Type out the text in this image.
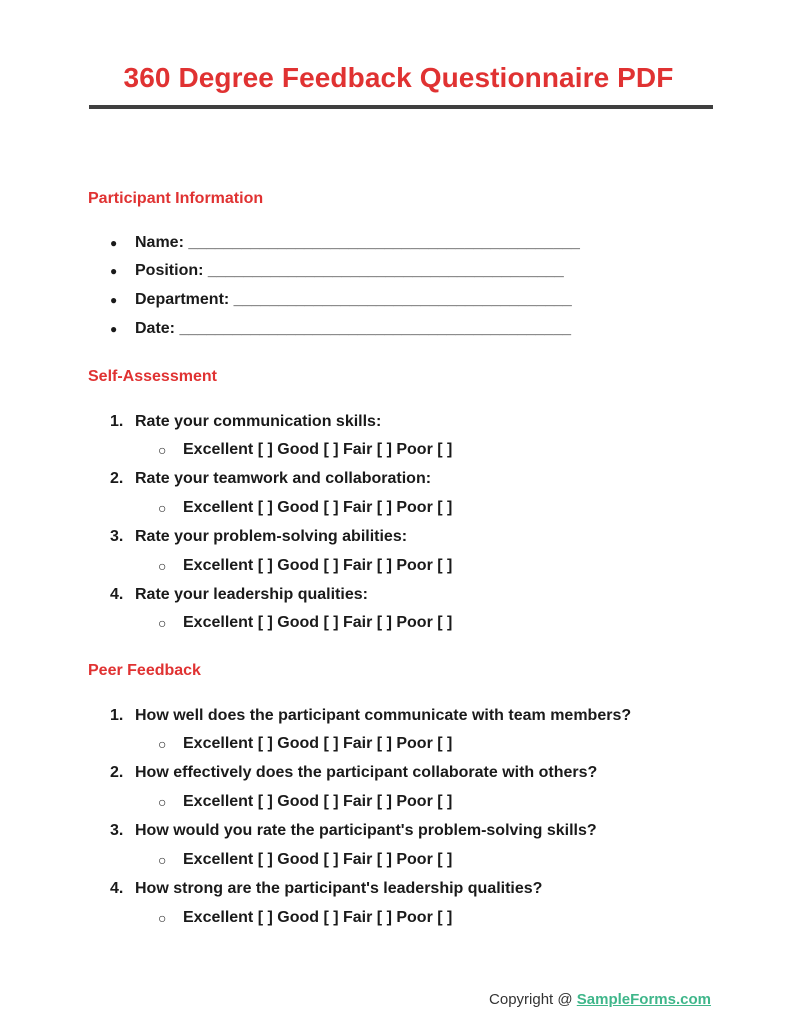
360 Degree Feedback Questionnaire PDF
Participant Information
● Name: ____________________________________________
● Position: ________________________________________
● Department: ______________________________________
● Date: ____________________________________________
Self-Assessment
1. Rate your communication skills:
○ Excellent [ ] Good [ ] Fair [ ] Poor [ ]
2. Rate your teamwork and collaboration:
○ Excellent [ ] Good [ ] Fair [ ] Poor [ ]
3. Rate your problem-solving abilities:
○ Excellent [ ] Good [ ] Fair [ ] Poor [ ]
4. Rate your leadership qualities:
○ Excellent [ ] Good [ ] Fair [ ] Poor [ ]
Peer Feedback
1. How well does the participant communicate with team members?
○ Excellent [ ] Good [ ] Fair [ ] Poor [ ]
2. How effectively does the participant collaborate with others?
○ Excellent [ ] Good [ ] Fair [ ] Poor [ ]
3. How would you rate the participant's problem-solving skills?
○ Excellent [ ] Good [ ] Fair [ ] Poor [ ]
4. How strong are the participant's leadership qualities?
○ Excellent [ ] Good [ ] Fair [ ] Poor [ ]
Copyright @ SampleForms.com
